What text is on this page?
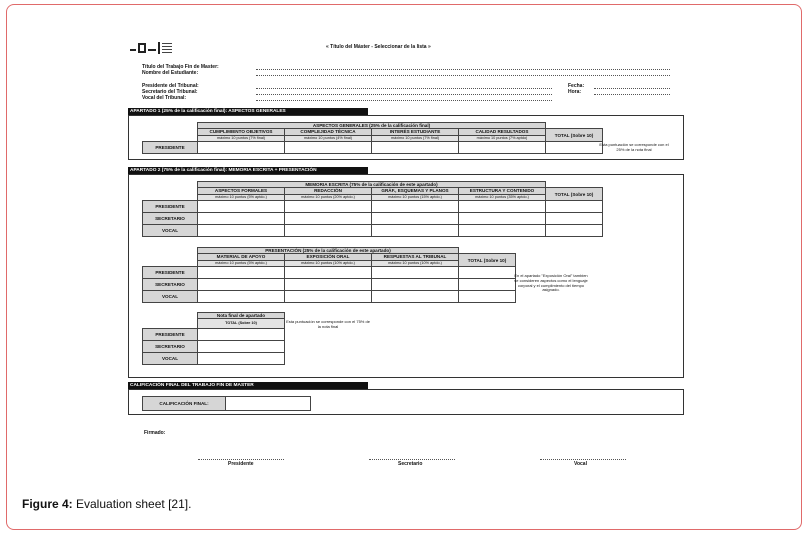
« Título del Máster - Seleccionar de la lista »
Título del Trabajo Fin de Master:
Nombre del Estudiante:
Presidente del Tribunal:
Secretario del Tribunal:
Vocal del Tribunal:
Fecha:
Hora:
APARTADO 1 (25% de la calificación final): ASPECTOS GENERALES
	ASPECTOS GENERALES (25% de la calificación final)				
	CUMPLIMIENTO OBJETIVOS	COMPLEJIDAD TÉCNICA	INTERÉS ESTUDIANTE	CALIDAD RESULTADOS	TOTAL (Sobre 10)
	máximo 10 puntos (7% final)	máximo 10 puntos (4% final)	máximo 10 puntos (7% final)	máximo 10 puntos (7% aptdo)	
PRESIDENTE					
Esta puntuación se corresponde con el 25% de la nota final
APARTADO 2 (75% de la calificación final): MEMORIA ESCRITA + PRESENTACIÓN
	MEMORIA ESCRITA (75% de la calificación de este apartado)				
	ASPECTOS FORMALES	REDACCIÓN	GRÁF., ESQUEMAS Y PLANOS	ESTRUCTURA Y CONTENIDO	TOTAL (Sobre 10)
	máximo 10 puntos (5% aptdo.)	máximo 10 puntos (20% aptdo.)	máximo 10 puntos (15% aptdo.)	máximo 10 puntos (35% aptdo.)	
PRESIDENTE					
SECRETARIO					
VOCAL					
	PRESENTACIÓN (25% de la calificación de este apartado)			
	MATERIAL DE APOYO	EXPOSICIÓN ORAL	RESPUESTAS AL TRIBUNAL	TOTAL (Sobre 10)
	máximo 10 puntos (5% aptdo.)	máximo 10 puntos (10% aptdo.)	máximo 10 puntos (10% aptdo.)	
PRESIDENTE				
SECRETARIO				
VOCAL				
En el apartado "Exposición Oral" tambien se consideren aspectos como el lenguaje corporal y el cumplimiento del tiempo asignado.
	Nota final de apartado
	TOTAL (Sobre 10)
PRESIDENTE	
SECRETARIO	
VOCAL	
Esta puntuación se corresponde con el 75% de la nota final
CALIFICACIÓN FINAL DEL TRABAJO FIN DE MASTER
CALIFICACIÓN FINAL:	
Firmado:
Presidente	Secretario	Vocal
Figure 4: Evaluation sheet [21].
